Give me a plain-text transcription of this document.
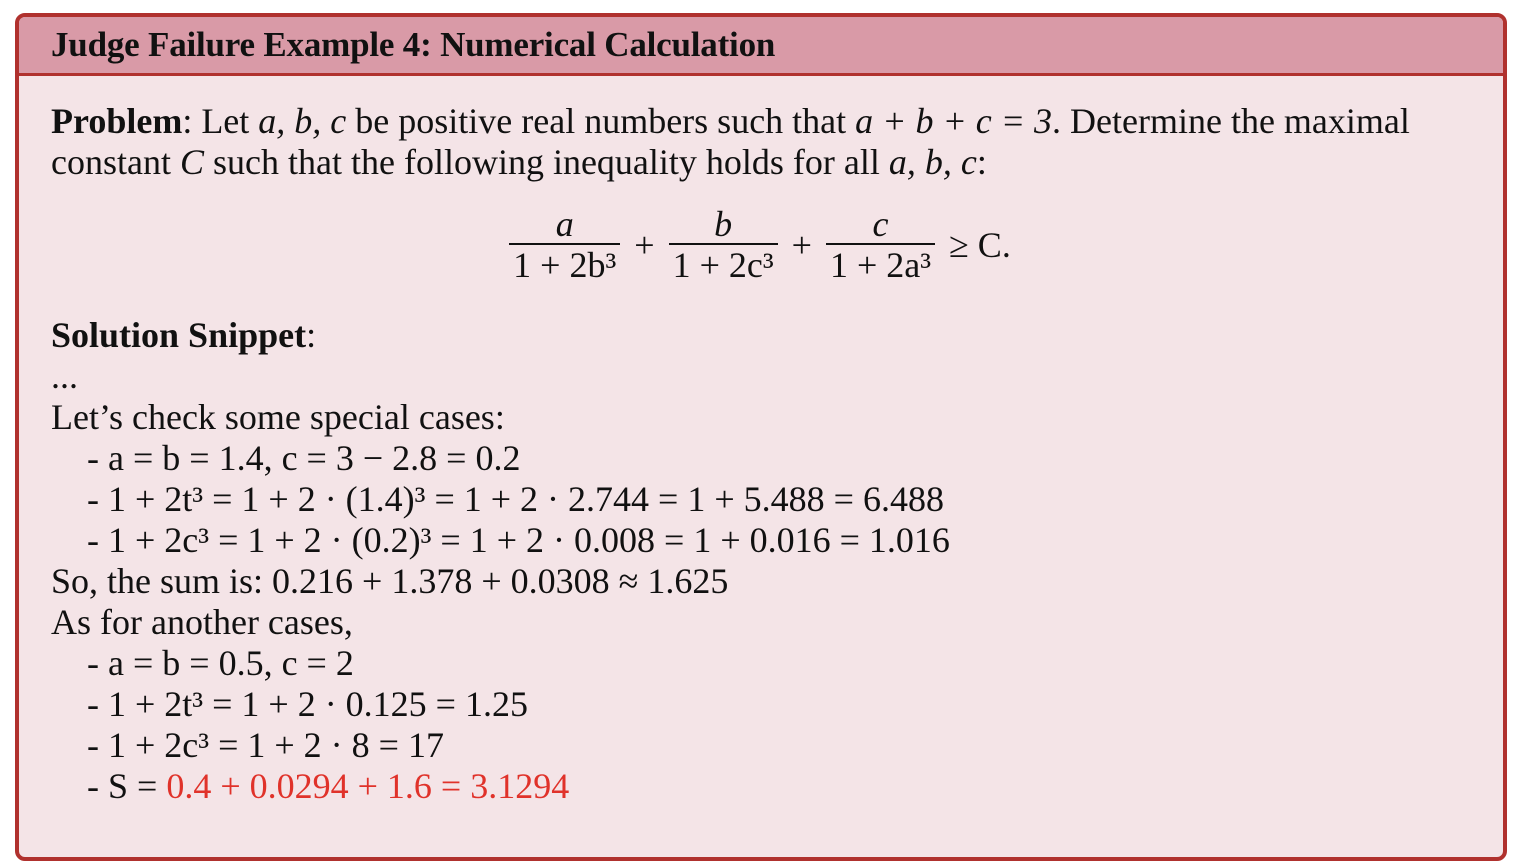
Judge Failure Example 4: Numerical Calculation
Problem: Let a, b, c be positive real numbers such that a + b + c = 3. Determine the maximal constant C such that the following inequality holds for all a, b, c:
$\frac{a}{\text{1 + 2b³}} + \frac{b}{\text{1 + 2c³}} + \frac{c}{\text{1 + 2a³}} \ge C$.
Solution Snippet:
...
Let’s check some special cases:
- a = b = 1.4, c = 3 − 2.8 = 0.2
- 1 + 2t³ = 1 + 2 · (1.4)³ = 1 + 2 · 2.744 = 1 + 5.488 = 6.488
- 1 + 2c³ = 1 + 2 · (0.2)³ = 1 + 2 · 0.008 = 1 + 0.016 = 1.016
So, the sum is: 0.216 + 1.378 + 0.0308 ≈ 1.625
As for another cases,
- a = b = 0.5, c = 2
- 1 + 2t³ = 1 + 2 · 0.125 = 1.25
- 1 + 2c³ = 1 + 2 · 8 = 17
- S = 0.4 + 0.0294 + 1.6 = 3.1294
